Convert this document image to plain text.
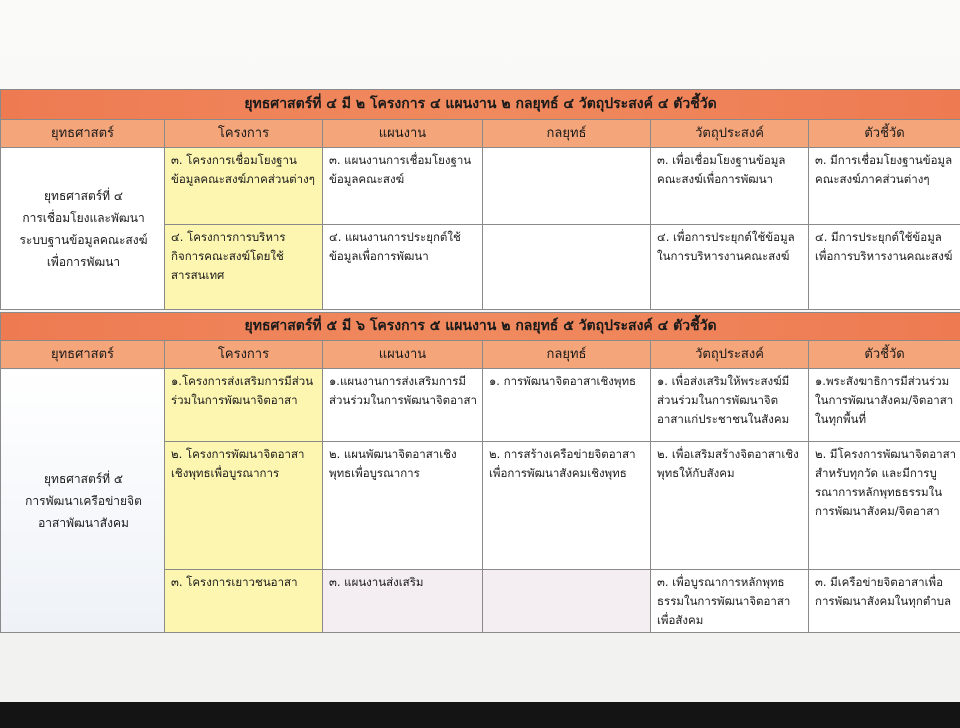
ยุทธศาสตร์ที่ ๔ มี ๒ โครงการ ๔ แผนงาน ๒ กลยุทธ์ ๔ วัตถุประสงค์ ๔ ตัวชี้วัด					
ยุทธศาสตร์	โครงการ	แผนงาน	กลยุทธ์	วัตถุประสงค์	ตัวชี้วัด

ยุทธศาสตร์ที่ ๔
การเชื่อมโยงและพัฒนา
ระบบฐานข้อมูลคณะสงฆ์
เพื่อการพัฒนา	๓. โครงการเชื่อมโยงฐานข้อมูลคณะสงฆ์ภาคส่วนต่างๆ	๓. แผนงานการเชื่อมโยงฐานข้อมูลคณะสงฆ์		๓. เพื่อเชื่อมโยงฐานข้อมูลคณะสงฆ์เพื่อการพัฒนา	๓. มีการเชื่อมโยงฐานข้อมูลคณะสงฆ์ภาคส่วนต่างๆ
	๔. โครงการการบริหารกิจการคณะสงฆ์โดยใช้สารสนเทศ	๔. แผนงานการประยุกต์ใช้ข้อมูลเพื่อการพัฒนา		๔. เพื่อการประยุกต์ใช้ข้อมูลในการบริหารงานคณะสงฆ์	๔. มีการประยุกต์ใช้ข้อมูลเพื่อการบริหารงานคณะสงฆ์
ยุทธศาสตร์ที่ ๕ มี ๖ โครงการ ๕ แผนงาน ๒ กลยุทธ์ ๕ วัตถุประสงค์ ๔ ตัวชี้วัด					
ยุทธศาสตร์	โครงการ	แผนงาน	กลยุทธ์	วัตถุประสงค์	ตัวชี้วัด

ยุทธศาสตร์ที่ ๕
การพัฒนาเครือข่ายจิต
อาสาพัฒนาสังคม	๑.โครงการส่งเสริมการมีส่วนร่วมในการพัฒนาจิตอาสา	๑.แผนงานการส่งเสริมการมีส่วนร่วมในการพัฒนาจิตอาสา	๑. การพัฒนาจิตอาสาเชิงพุทธ	๑. เพื่อส่งเสริมให้พระสงฆ์มีส่วนร่วมในการพัฒนาจิตอาสาแก่ประชาชนในสังคม	๑.พระสังฆาธิการมีส่วนร่วมในการพัฒนาสังคม/จิตอาสาในทุกพื้นที่
	๒. โครงการพัฒนาจิตอาสาเชิงพุทธเพื่อบูรณาการ	๒. แผนพัฒนาจิตอาสาเชิงพุทธเพื่อบูรณาการ	๒. การสร้างเครือข่ายจิตอาสาเพื่อการพัฒนาสังคมเชิงพุทธ	๒. เพื่อเสริมสร้างจิตอาสาเชิงพุทธให้กับสังคม	๒. มีโครงการพัฒนาจิตอาสาสำหรับทุกวัด และมีการบูรณาการหลักพุทธธรรมในการพัฒนาสังคม/จิตอาสา
	๓. โครงการเยาวชนอาสา	๓. แผนงานส่งเสริม		๓. เพื่อบูรณาการหลักพุทธธรรมในการพัฒนาจิตอาสาเพื่อสังคม	๓. มีเครือข่ายจิตอาสาเพื่อการพัฒนาสังคมในทุกตำบล
